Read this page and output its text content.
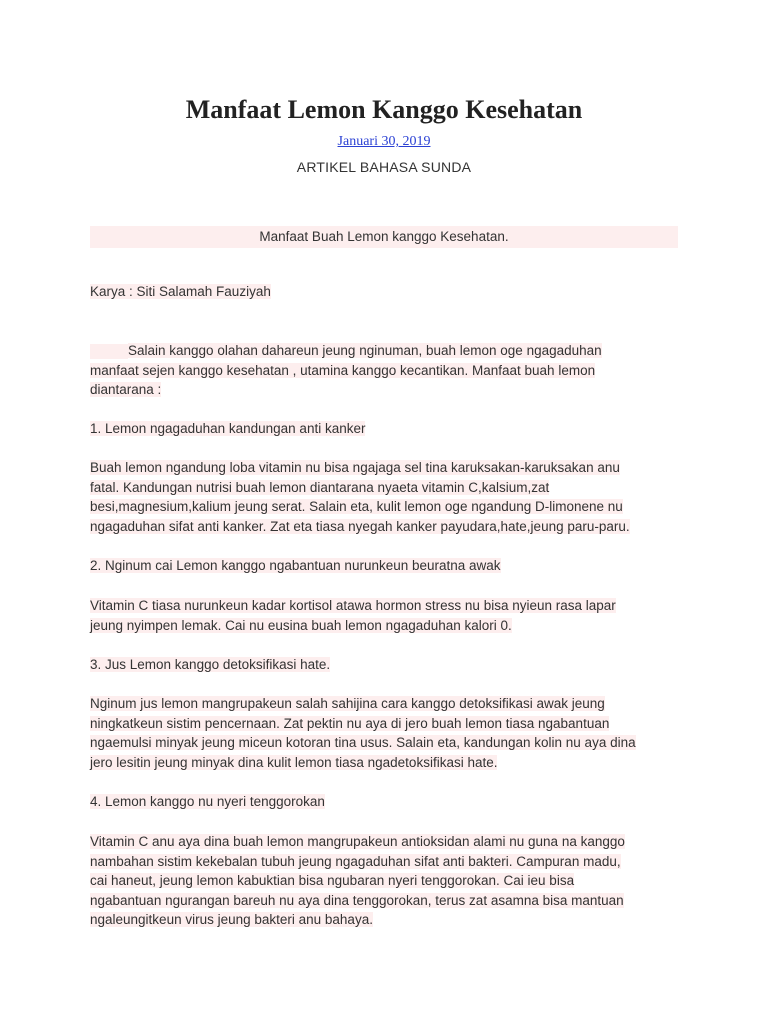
Manfaat Lemon Kanggo Kesehatan
Januari 30, 2019
ARTIKEL BAHASA SUNDA
Manfaat Buah Lemon kanggo Kesehatan.
Karya : Siti Salamah Fauziyah
Salain kanggo olahan dahareun jeung nginuman, buah lemon oge ngagaduhan
manfaat sejen kanggo kesehatan , utamina kanggo kecantikan. Manfaat buah lemon
diantarana :
1. Lemon ngagaduhan kandungan anti kanker
Buah lemon ngandung loba vitamin nu bisa ngajaga sel tina karuksakan-karuksakan anu
fatal. Kandungan nutrisi buah lemon diantarana nyaeta vitamin C,kalsium,zat
besi,magnesium,kalium jeung serat. Salain eta, kulit lemon oge ngandung D-limonene nu
ngagaduhan sifat anti kanker. Zat eta tiasa nyegah kanker payudara,hate,jeung paru-paru.
2. Nginum cai Lemon kanggo ngabantuan nurunkeun beuratna awak
Vitamin C tiasa nurunkeun kadar kortisol atawa hormon stress nu bisa nyieun rasa lapar
jeung nyimpen lemak. Cai nu eusina buah lemon ngagaduhan kalori 0.
3. Jus Lemon kanggo detoksifikasi hate.
Nginum jus lemon mangrupakeun salah sahijina cara kanggo detoksifikasi awak jeung
ningkatkeun sistim pencernaan. Zat pektin nu aya di jero buah lemon tiasa ngabantuan
ngaemulsi minyak jeung miceun kotoran tina usus. Salain eta, kandungan kolin nu aya dina
jero lesitin jeung minyak dina kulit lemon tiasa ngadetoksifikasi hate.
4. Lemon kanggo nu nyeri tenggorokan
Vitamin C anu aya dina buah lemon mangrupakeun antioksidan alami nu guna na kanggo
nambahan sistim kekebalan tubuh jeung ngagaduhan sifat anti bakteri. Campuran madu,
cai haneut, jeung lemon kabuktian bisa ngubaran nyeri tenggorokan. Cai ieu bisa
ngabantuan ngurangan bareuh nu aya dina tenggorokan, terus zat asamna bisa mantuan
ngaleungitkeun virus jeung bakteri anu bahaya.
